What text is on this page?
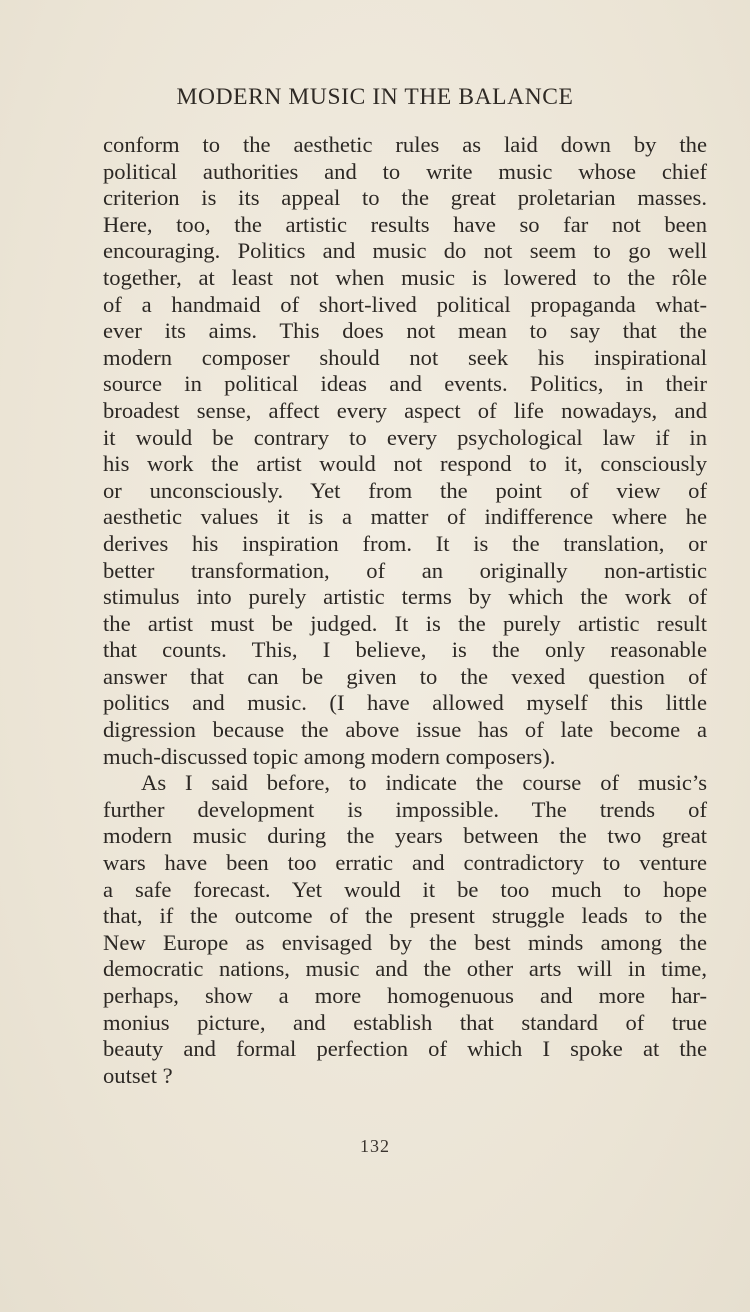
MODERN MUSIC IN THE BALANCE

conform to the aesthetic rules as laid down by the
political authorities and to write music whose chief
criterion is its appeal to the great proletarian masses.
Here, too, the artistic results have so far not been
encouraging. Politics and music do not seem to go well
together, at least not when music is lowered to the rôle
of a handmaid of short-lived political propaganda what-
ever its aims. This does not mean to say that the
modern composer should not seek his inspirational
source in political ideas and events. Politics, in their
broadest sense, affect every aspect of life nowadays, and
it would be contrary to every psychological law if in
his work the artist would not respond to it, consciously
or unconsciously. Yet from the point of view of
aesthetic values it is a matter of indifference where he
derives his inspiration from. It is the translation, or
better transformation, of an originally non-artistic
stimulus into purely artistic terms by which the work of
the artist must be judged. It is the purely artistic result
that counts. This, I believe, is the only reasonable
answer that can be given to the vexed question of
politics and music. (I have allowed myself this little
digression because the above issue has of late become a
much-discussed topic among modern composers).

As I said before, to indicate the course of music’s
further development is impossible. The trends of
modern music during the years between the two great
wars have been too erratic and contradictory to venture
a safe forecast. Yet would it be too much to hope
that, if the outcome of the present struggle leads to the
New Europe as envisaged by the best minds among the
democratic nations, music and the other arts will in time,
perhaps, show a more homogenuous and more har-
monius picture, and establish that standard of true
beauty and formal perfection of which I spoke at the
outset ?

132
